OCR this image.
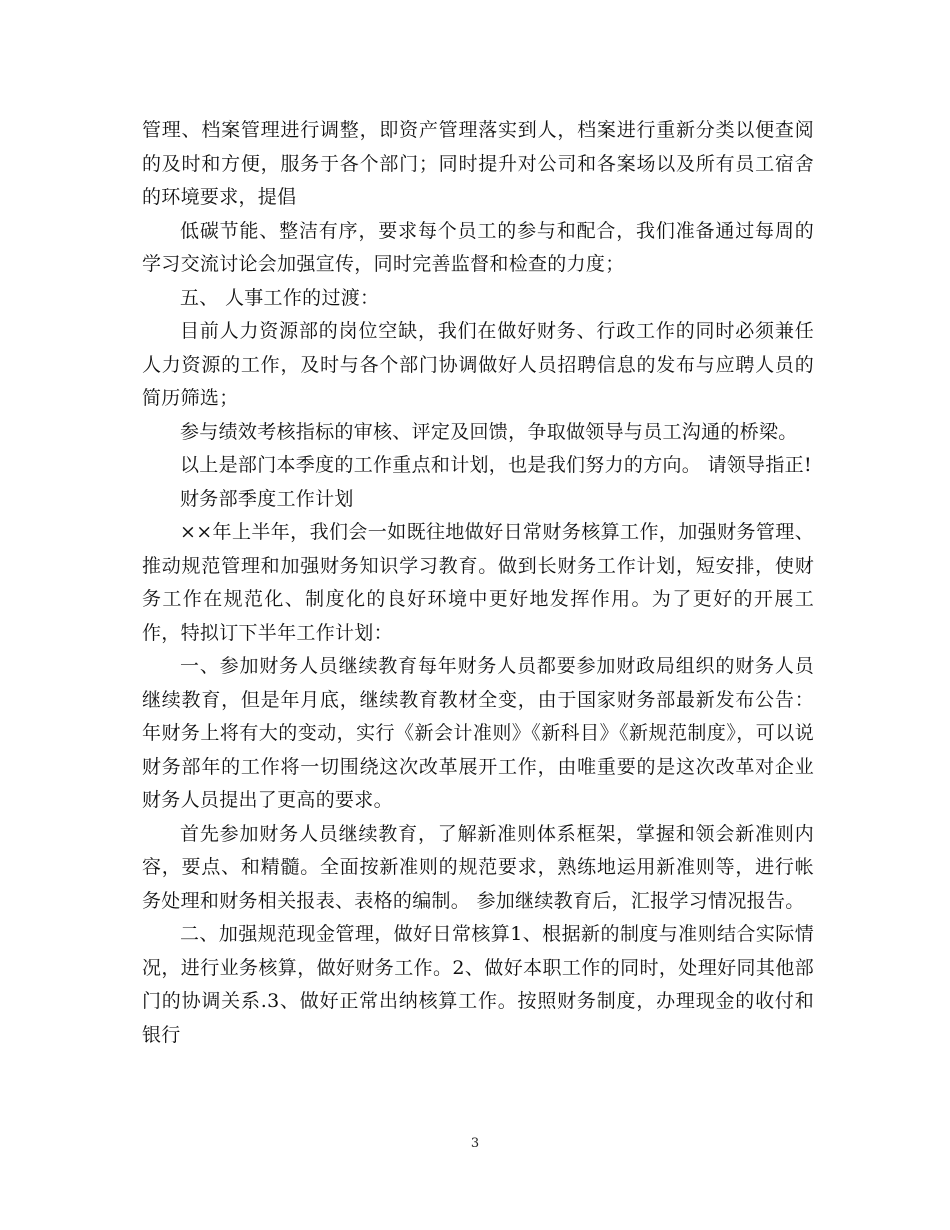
管理、档案管理进行调整，即资产管理落实到人，档案进行重新分类以便查阅的及时和方便，服务于各个部门；同时提升对公司和各案场以及所有员工宿舍的环境要求，提倡

低碳节能、整洁有序，要求每个员工的参与和配合，我们准备通过每周的学习交流讨论会加强宣传，同时完善监督和检查的力度；

五、 人事工作的过渡：

目前人力资源部的岗位空缺，我们在做好财务、行政工作的同时必须兼任人力资源的工作，及时与各个部门协调做好人员招聘信息的发布与应聘人员的简历筛选；

参与绩效考核指标的审核、评定及回馈，争取做领导与员工沟通的桥梁。

以上是部门本季度的工作重点和计划，也是我们努力的方向。 请领导指正!

财务部季度工作计划

××年上半年，我们会一如既往地做好日常财务核算工作，加强财务管理、推动规范管理和加强财务知识学习教育。做到长财务工作计划，短安排，使财务工作在规范化、制度化的良好环境中更好地发挥作用。为了更好的开展工作，特拟订下半年工作计划：

一、参加财务人员继续教育每年财务人员都要参加财政局组织的财务人员继续教育，但是年月底，继续教育教材全变，由于国家财务部最新发布公告：年财务上将有大的变动，实行《新会计准则》《新科目》《新规范制度》，可以说财务部年的工作将一切围绕这次改革展开工作，由唯重要的是这次改革对企业财务人员提出了更高的要求。

首先参加财务人员继续教育，了解新准则体系框架，掌握和领会新准则内容，要点、和精髓。全面按新准则的规范要求，熟练地运用新准则等，进行帐务处理和财务相关报表、表格的编制。 参加继续教育后，汇报学习情况报告。

二、加强规范现金管理，做好日常核算1、根据新的制度与准则结合实际情况，进行业务核算，做好财务工作。2、做好本职工作的同时，处理好同其他部门的协调关系.3、做好正常出纳核算工作。按照财务制度，办理现金的收付和银行

3
